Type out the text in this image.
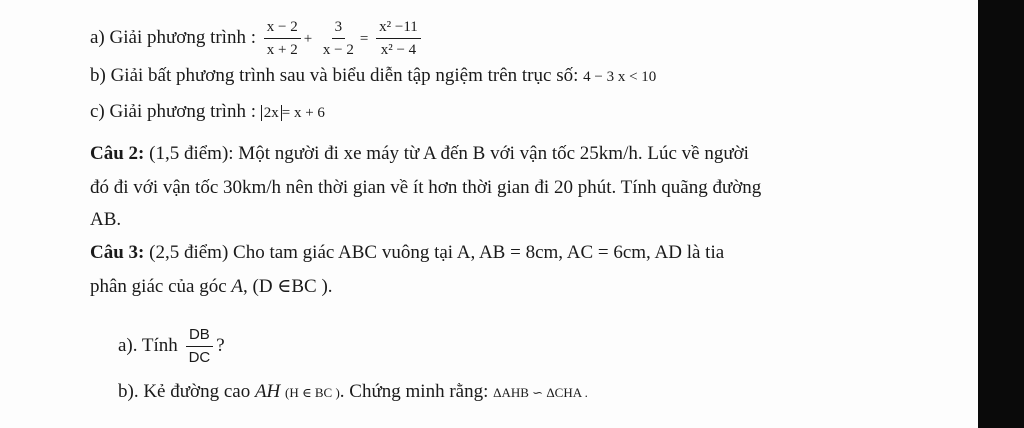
a) Giải phương trình : $\frac{x - 2}{x + 2} + \frac{3}{x - 2} = \frac{\text{x² −11}}{\text{x² − 4}}$
b) Giải bất phương trình sau và biểu diễn tập ngiệm trên trục số: 4 − 3 x < 10
c) Giải phương trình : 2x = x + 6
Câu 2: (1,5 điểm): Một người đi xe máy từ A đến B với vận tốc 25km/h. Lúc về người
đó đi với vận tốc 30km/h nên thời gian về ít hơn thời gian đi 20 phút. Tính quãng đường
AB.
Câu 3: (2,5 điểm) Cho tam giác ABC vuông tại A, AB = 8cm, AC = 6cm, AD là tia
phân giác của góc A, (D ∈BC ).
a). Tính $\frac{DB}{DC}$ ?
b). Kẻ đường cao AH (H ∈ BC ). Chứng minh rằng: ΔAHB ∽ ΔCHA .
